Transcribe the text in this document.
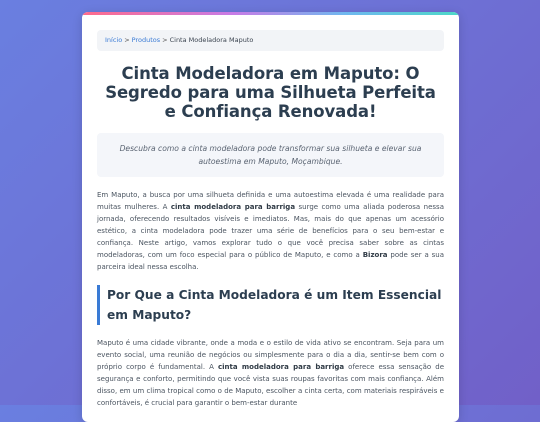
Início > Produtos > Cinta Modeladora Maputo
Cinta Modeladora em Maputo: O Segredo para uma Silhueta Perfeita e Confiança Renovada!
Descubra como a cinta modeladora pode transformar sua silhueta e elevar sua autoestima em Maputo, Moçambique.

Em Maputo, a busca por uma silhueta definida e uma autoestima elevada é uma realidade para muitas mulheres. A cinta modeladora para barriga surge como uma aliada poderosa nessa jornada, oferecendo resultados visíveis e imediatos. Mas, mais do que apenas um acessório estético, a cinta modeladora pode trazer uma série de benefícios para o seu bem-estar e confiança. Neste artigo, vamos explorar tudo o que você precisa saber sobre as cintas modeladoras, com um foco especial para o público de Maputo, e como a Bizora pode ser a sua parceira ideal nessa escolha.

Por Que a Cinta Modeladora é um Item Essencial em Maputo?

Maputo é uma cidade vibrante, onde a moda e o estilo de vida ativo se encontram. Seja para um evento social, uma reunião de negócios ou simplesmente para o dia a dia, sentir-se bem com o próprio corpo é fundamental. A cinta modeladora para barriga oferece essa sensação de segurança e conforto, permitindo que você vista suas roupas favoritas com mais confiança. Além disso, em um clima tropical como o de Maputo, escolher a cinta certa, com materiais respiráveis e confortáveis, é crucial para garantir o bem-estar durante
